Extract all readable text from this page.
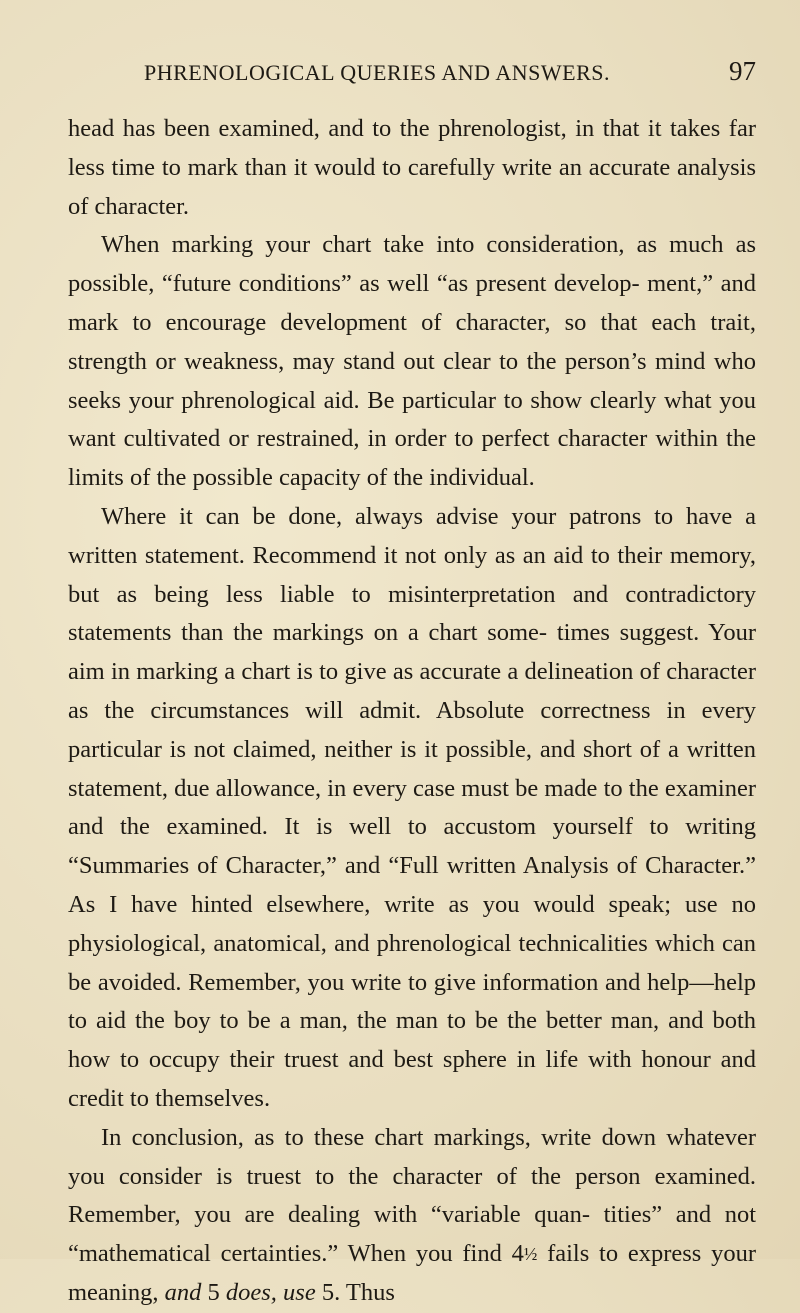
PHRENOLOGICAL QUERIES AND ANSWERS.	97

head has been examined, and to the phrenologist, in that it takes far less time to mark than it would to carefully write an accurate analysis of character.

When marking your chart take into consideration, as much as possible, “future conditions” as well “as present develop- ment,” and mark to encourage development of character, so that each trait, strength or weakness, may stand out clear to the person’s mind who seeks your phrenological aid. Be particular to show clearly what you want cultivated or restrained, in order to perfect character within the limits of the possible capacity of the individual.

Where it can be done, always advise your patrons to have a written statement. Recommend it not only as an aid to their memory, but as being less liable to misinterpretation and contradictory statements than the markings on a chart some- times suggest. Your aim in marking a chart is to give as accurate a delineation of character as the circumstances will admit. Absolute correctness in every particular is not claimed, neither is it possible, and short of a written statement, due allowance, in every case must be made to the examiner and the examined. It is well to accustom yourself to writing “Summaries of Character,” and “Full written Analysis of Character.” As I have hinted elsewhere, write as you would speak; use no physiological, anatomical, and phrenological technicalities which can be avoided. Remember, you write to give information and help—help to aid the boy to be a man, the man to be the better man, and both how to occupy their truest and best sphere in life with honour and credit to themselves.

In conclusion, as to these chart markings, write down whatever you consider is truest to the character of the person examined. Remember, you are dealing with “variable quan- tities” and not “mathematical certainties.” When you find 4½ fails to express your meaning, and 5 does, use 5. Thus
